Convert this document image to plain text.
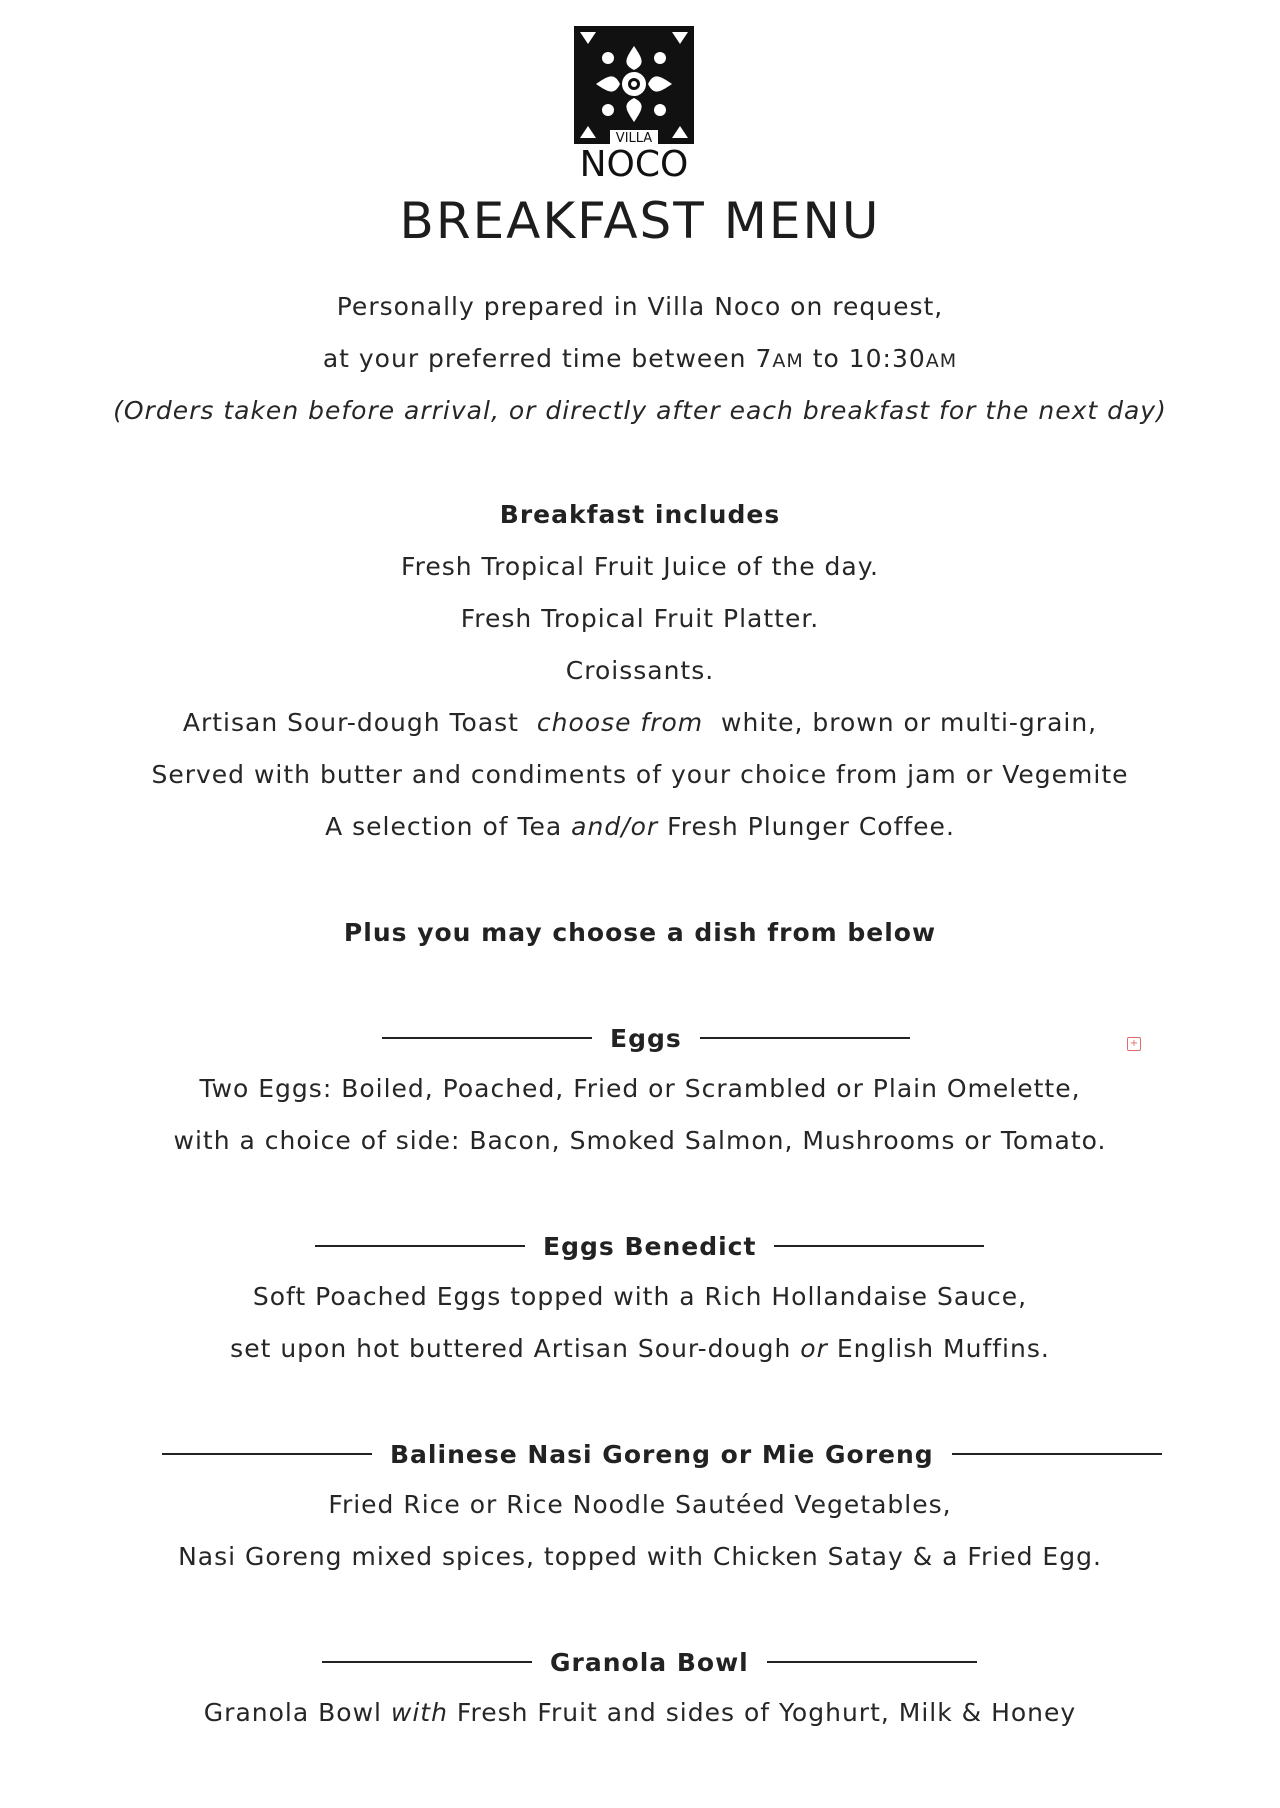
VILLA
NOCO
BREAKFAST MENU
Personally prepared in Villa Noco on request,
at your preferred time between 7AM to 10:30AM
(Orders taken before arrival, or directly after each breakfast for the next day)
Breakfast includes
Fresh Tropical Fruit Juice of the day.
Fresh Tropical Fruit Platter.
Croissants.
Artisan Sour-dough Toast choose from white, brown or multi-grain,
Served with butter and condiments of your choice from jam or Vegemite
A selection of Tea and/or Fresh Plunger Coffee.
Plus you may choose a dish from below
Eggs	+
Two Eggs: Boiled, Poached, Fried or Scrambled or Plain Omelette,
with a choice of side: Bacon, Smoked Salmon, Mushrooms or Tomato.
Eggs Benedict
Soft Poached Eggs topped with a Rich Hollandaise Sauce,
set upon hot buttered Artisan Sour-dough or English Muffins.
Balinese Nasi Goreng or Mie Goreng
Fried Rice or Rice Noodle Sautéed Vegetables,
Nasi Goreng mixed spices, topped with Chicken Satay & a Fried Egg.
Granola Bowl
Granola Bowl with Fresh Fruit and sides of Yoghurt, Milk & Honey
